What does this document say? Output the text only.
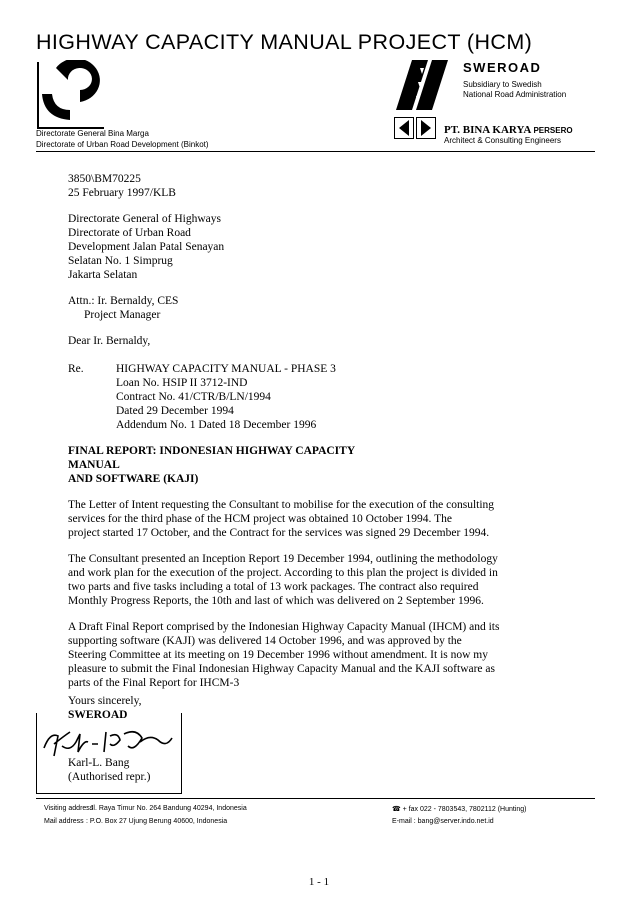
HIGHWAY CAPACITY MANUAL PROJECT (HCM)
Directorate General Bina Marga
Directorate of Urban Road Development (Binkot)
SWEROAD
Subsidiary to Swedish
National Road Administration
PT. BINA KARYA PERSERO
Architect & Consulting Engineers
3850\BM70225
25 February 1997/KLB
Directorate General of Highways
Directorate of Urban Road
Development Jalan Patal Senayan
Selatan No. 1 Simprug
Jakarta Selatan
Attn.: Ir. Bernaldy, CES
Project Manager
Dear Ir. Bernaldy,
Re.	HIGHWAY CAPACITY MANUAL - PHASE 3
Loan No. HSIP II 3712-IND
Contract No. 41/CTR/B/LN/1994
Dated 29 December 1994
Addendum No. 1 Dated 18 December 1996
FINAL REPORT: INDONESIAN HIGHWAY CAPACITY
MANUAL
AND SOFTWARE (KAJI)
The Letter of Intent requesting the Consultant to mobilise for the execution of the consulting
services for the third phase of the HCM project was obtained 10 October 1994. The
project started 17 October, and the Contract for the services was signed 29 December 1994.
The Consultant presented an Inception Report 19 December 1994, outlining the methodology
and work plan for the execution of the project. According to this plan the project is divided in
two parts and five tasks including a total of 13 work packages. The contract also required
Monthly Progress Reports, the 10th and last of which was delivered on 2 September 1996.
A Draft Final Report comprised by the Indonesian Highway Capacity Manual (IHCM) and its
supporting software (KAJI) was delivered 14 October 1996, and was approved by the
Steering Committee at its meeting on 19 December 1996 without amendment. It is now my
pleasure to submit the Final Indonesian Highway Capacity Manual and the KAJI software as
parts of the Final Report for IHCM-3
Yours sincerely,
SWEROAD
Karl-L. Bang
(Authorised repr.)
Visiting address
: Jl. Raya Timur No. 264 Bandung 40294, Indonesia
Mail address : P.O. Box 27 Ujung Berung 40600, Indonesia
☎ + fax 022 - 7803543, 7802112 (Hunting)
E-mail : bang@server.indo.net.id
1 - 1
